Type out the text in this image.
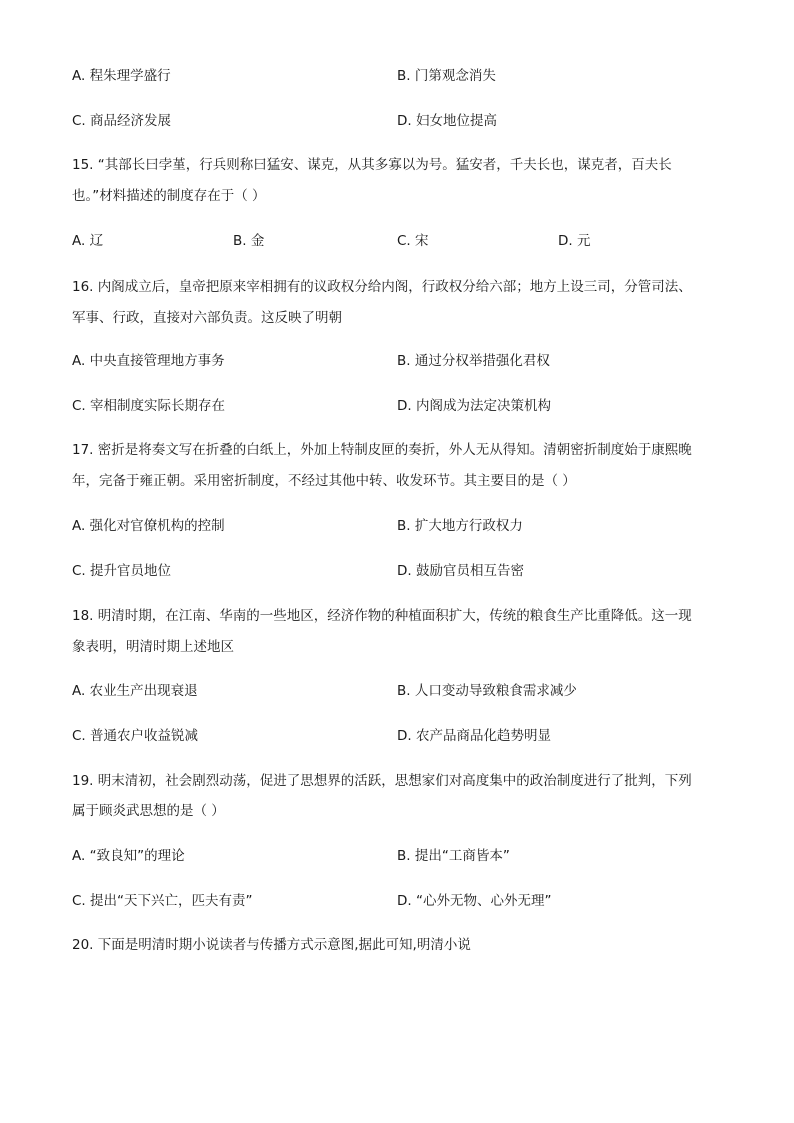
A. 程朱理学盛行	B. 门第观念消失
C. 商品经济发展	D. 妇女地位提高
15. “其部长曰孛堇，行兵则称曰猛安、谋克，从其多寡以为号。猛安者，千夫长也，谋克者，百夫长
也。”材料描述的制度存在于（ ）
A. 辽	B. 金	C. 宋	D. 元
16. 内阁成立后，皇帝把原来宰相拥有的议政权分给内阁，行政权分给六部；地方上设三司，分管司法、
军事、行政，直接对六部负责。这反映了明朝
A. 中央直接管理地方事务	B. 通过分权举措强化君权
C. 宰相制度实际长期存在	D. 内阁成为法定决策机构
17. 密折是将奏文写在折叠的白纸上，外加上特制皮匣的奏折，外人无从得知。清朝密折制度始于康熙晚
年，完备于雍正朝。采用密折制度，不经过其他中转、收发环节。其主要目的是（ ）
A. 强化对官僚机构的控制	B. 扩大地方行政权力
C. 提升官员地位	D. 鼓励官员相互告密
18. 明清时期，在江南、华南的一些地区，经济作物的种植面积扩大，传统的粮食生产比重降低。这一现
象表明，明清时期上述地区
A. 农业生产出现衰退	B. 人口变动导致粮食需求减少
C. 普通农户收益锐减	D. 农产品商品化趋势明显
19. 明末清初，社会剧烈动荡，促进了思想界的活跃，思想家们对高度集中的政治制度进行了批判，下列
属于顾炎武思想的是（ ）
A. “致良知”的理论	B. 提出“工商皆本”
C. 提出“天下兴亡，匹夫有责”	D. “心外无物、心外无理”
20. 下面是明清时期小说读者与传播方式示意图,据此可知,明清小说
